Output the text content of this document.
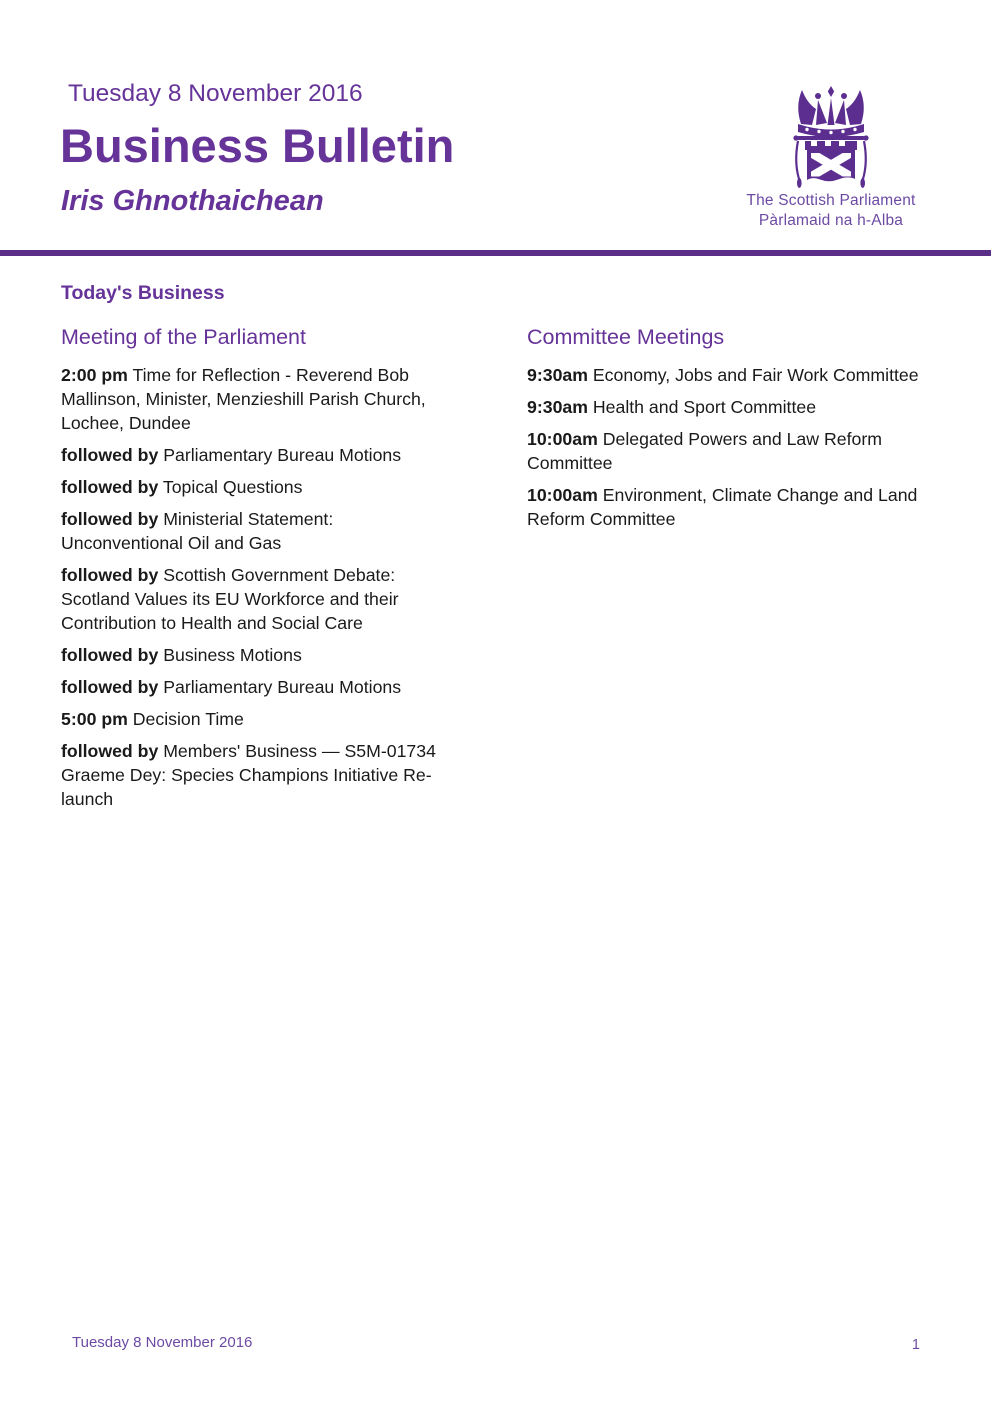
Tuesday 8 November 2016
Business Bulletin
Iris Ghnothaichean	The Scottish Parliament
Pàrlamaid na h-Alba
Today's Business
Meeting of the Parliament

2:00 pm Time for Reflection - Reverend Bob Mallinson, Minister, Menzieshill Parish Church, Lochee, Dundee

followed by Parliamentary Bureau Motions

followed by Topical Questions

followed by Ministerial Statement: Unconventional Oil and Gas

followed by Scottish Government Debate: Scotland Values its EU Workforce and their Contribution to Health and Social Care

followed by Business Motions

followed by Parliamentary Bureau Motions

5:00 pm Decision Time

followed by Members' Business — S5M-01734 Graeme Dey: Species Champions Initiative Re-launch

Committee Meetings

9:30am Economy, Jobs and Fair Work Committee

9:30am Health and Sport Committee

10:00am Delegated Powers and Law Reform Committee

10:00am Environment, Climate Change and Land Reform Committee

Tuesday 8 November 2016	1
